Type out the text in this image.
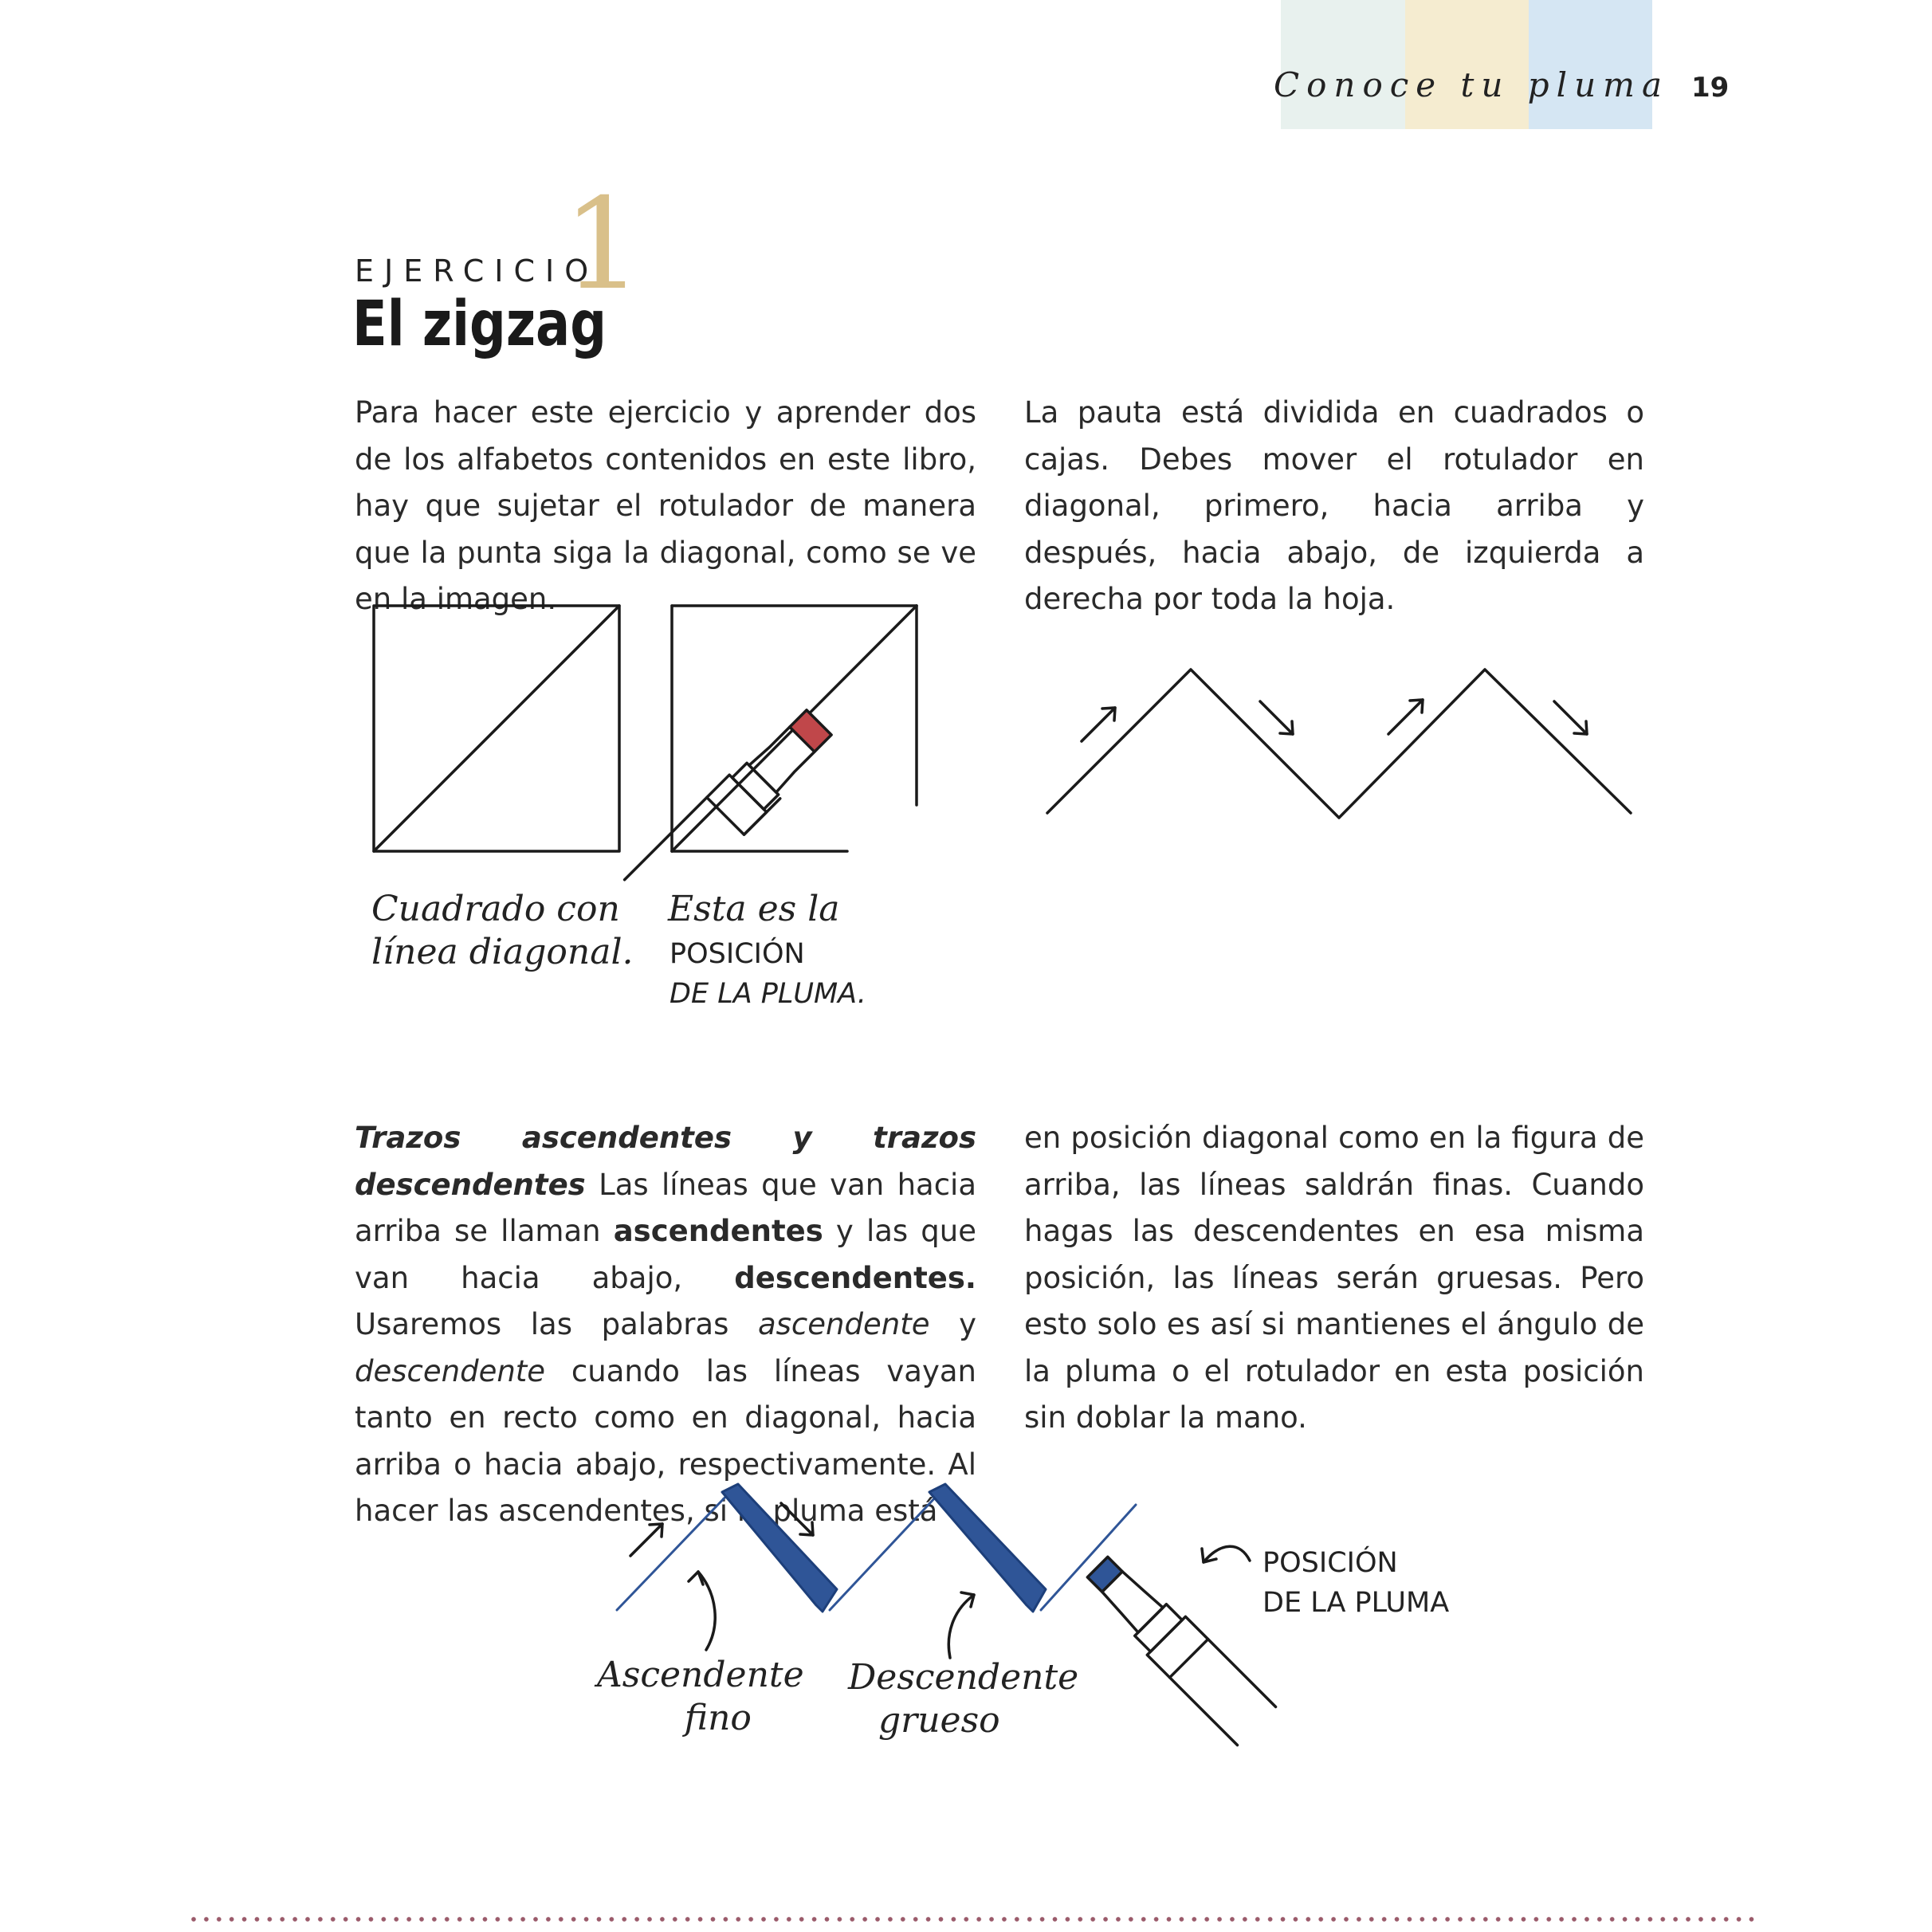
Conoce tu pluma 19
EJERCICIO
1
El zigzag

Para hacer este ejercicio y aprender dos de los alfabetos contenidos en este libro, hay que sujetar el rotulador de manera que la punta siga la diagonal, como se ve en la imagen.

La pauta está dividida en cuadrados o cajas. Debes mover el rotulador en diagonal, primero, hacia arriba y después, hacia abajo, de izquierda a derecha por toda la hoja.

Cuadrado con
línea diagonal.

Esta es la

POSICIÓN
DE LA PLUMA.

Trazos ascendentes y trazos descendentes Las líneas que van hacia arriba se llaman ascendentes y las que van hacia abajo, descendentes. Usaremos las palabras ascendente y descendente cuando las líneas vayan tanto en recto como en diagonal, hacia arriba o hacia abajo, respectivamente. Al hacer las ascendentes, si la pluma está

en posición diagonal como en la figura de arriba, las líneas saldrán finas. Cuando hagas las descendentes en esa misma posición, las líneas serán gruesas. Pero esto solo es así si mantienes el ángulo de la pluma o el rotulador en esta posición sin doblar la mano.

Ascendente
fino

Descendente
grueso

POSICIÓN
DE LA PLUMA
